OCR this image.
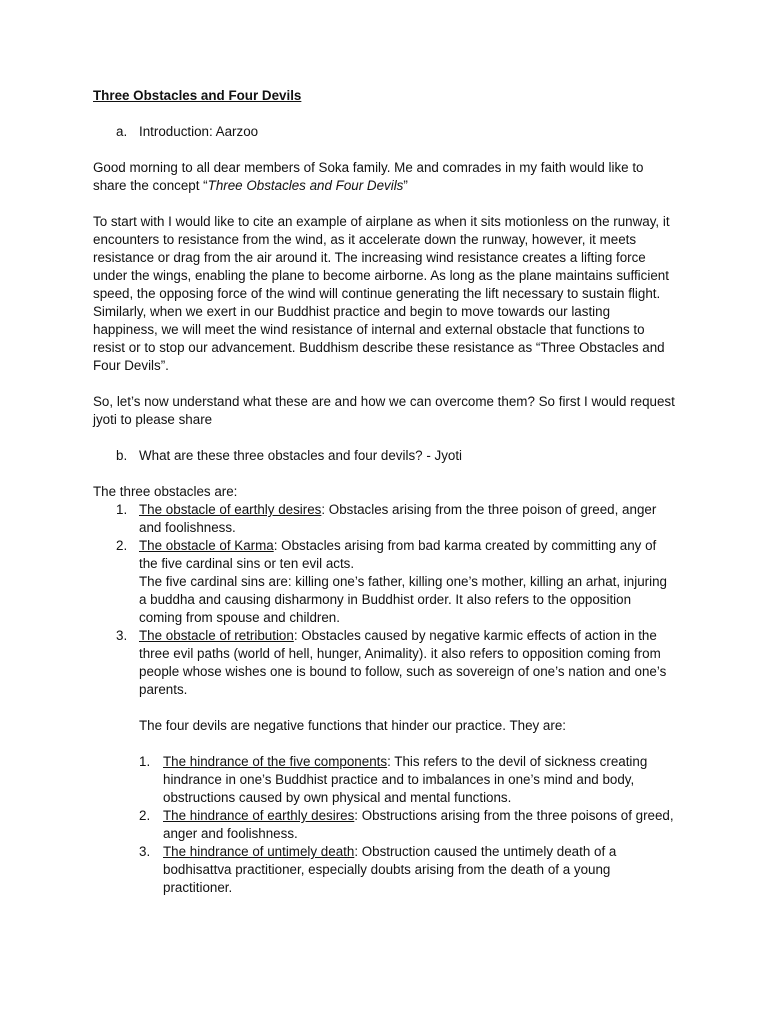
Three Obstacles and Four Devils

a. Introduction: Aarzoo

Good morning to all dear members of Soka family. Me and comrades in my faith would like to share the concept “Three Obstacles and Four Devils”

To start with I would like to cite an example of airplane as when it sits motionless on the runway, it encounters to resistance from the wind, as it accelerate down the runway, however, it meets resistance or drag from the air around it. The increasing wind resistance creates a lifting force under the wings, enabling the plane to become airborne. As long as the plane maintains sufficient speed, the opposing force of the wind will continue generating the lift necessary to sustain flight. Similarly, when we exert in our Buddhist practice and begin to move towards our lasting happiness, we will meet the wind resistance of internal and external obstacle that functions to resist or to stop our advancement. Buddhism describe these resistance as “Three Obstacles and Four Devils”.

So, let’s now understand what these are and how we can overcome them? So first I would request jyoti to please share

b. What are these three obstacles and four devils? - Jyoti

The three obstacles are:

1. The obstacle of earthly desires: Obstacles arising from the three poison of greed, anger and foolishness.
2. The obstacle of Karma: Obstacles arising from bad karma created by committing any of the five cardinal sins or ten evil acts.
The five cardinal sins are: killing one’s father, killing one’s mother, killing an arhat, injuring a buddha and causing disharmony in Buddhist order. It also refers to the opposition coming from spouse and children.
3. The obstacle of retribution: Obstacles caused by negative karmic effects of action in the three evil paths (world of hell, hunger, Animality). it also refers to opposition coming from people whose wishes one is bound to follow, such as sovereign of one’s nation and one’s parents.

The four devils are negative functions that hinder our practice. They are:

1. The hindrance of the five components: This refers to the devil of sickness creating hindrance in one’s Buddhist practice and to imbalances in one’s mind and body, obstructions caused by own physical and mental functions.
2. The hindrance of earthly desires: Obstructions arising from the three poisons of greed, anger and foolishness.
3. The hindrance of untimely death: Obstruction caused the untimely death of a bodhisattva practitioner, especially doubts arising from the death of a young practitioner.
